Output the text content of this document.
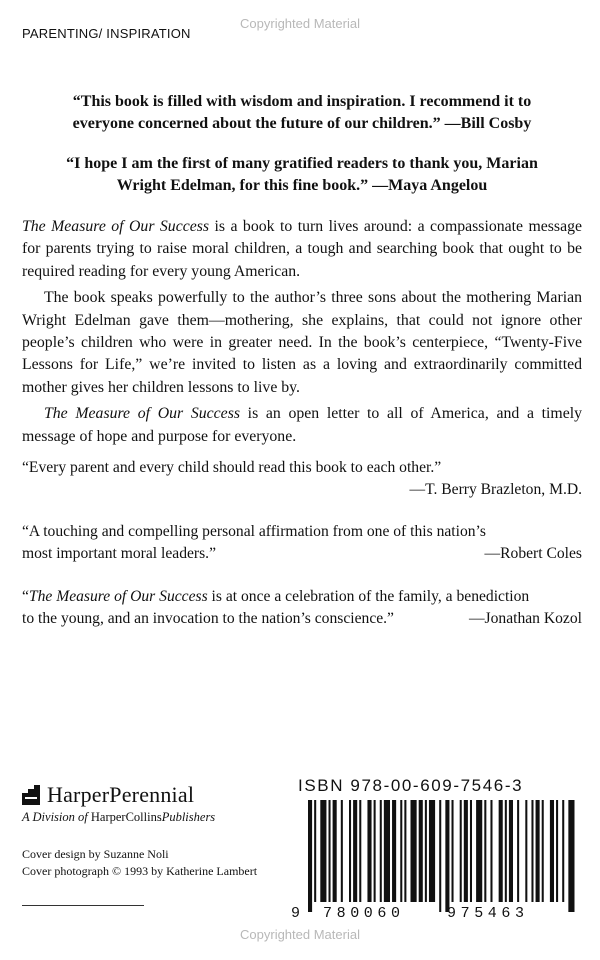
Copyrighted Material
PARENTING/ INSPIRATION
“This book is filled with wisdom and inspiration. I recommend it to
everyone concerned about the future of our children.” —Bill Cosby
“I hope I am the first of many gratified readers to thank you, Marian
Wright Edelman, for this fine book.” —Maya Angelou

The Measure of Our Success is a book to turn lives around: a compassionate message for parents trying to raise moral children, a tough and searching book that ought to be required reading for every young American.

The book speaks powerfully to the author’s three sons about the mothering Marian Wright Edelman gave them—mothering, she explains, that could not ignore other people’s children who were in greater need. In the book’s centerpiece, “Twenty-Five Lessons for Life,” we’re invited to listen as a loving and extraordinarily committed mother gives her children lessons to live by.

The Measure of Our Success is an open letter to all of America, and a timely message of hope and purpose for everyone.

“Every parent and every child should read this book to each other.”
—T. Berry Brazleton, M.D.
“A touching and compelling personal affirmation from one of this nation’s
most important moral leaders.”	—Robert Coles
“The Measure of Our Success is at once a celebration of the family, a benediction
to the young, and an invocation to the nation’s conscience.”	—Jonathan Kozol
HarperPerennial
A Division of HarperCollinsPublishers
Cover design by Suzanne Noli
Cover photograph © 1993 by Katherine Lambert
ISBN 978-00-609-7546-3
9 780060	975463
Copyrighted Material
